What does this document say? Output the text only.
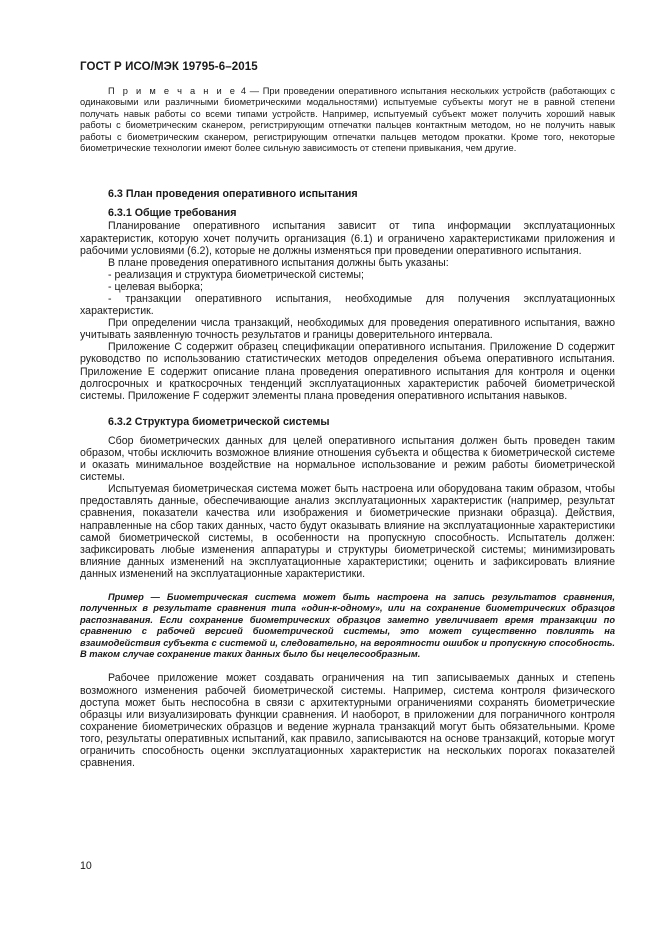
ГОСТ Р ИСО/МЭК 19795-6–2015

П р и м е ч а н и е 4 — При проведении оперативного испытания нескольких устройств (работающих с одинаковыми или различными биометрическими модальностями) испытуемые субъекты могут не в равной степени получать навык работы со всеми типами устройств. Например, испытуемый субъект может получить хороший навык работы с биометрическим сканером, регистрирующим отпечатки пальцев контактным методом, но не получить навык работы с биометрическим сканером, регистрирующим отпечатки пальцев методом прокатки. Кроме того, некоторые биометрические технологии имеют более сильную зависимость от степени привыкания, чем другие.

6.3 План проведения оперативного испытания

6.3.1 Общие требования

Планирование оперативного испытания зависит от типа информации эксплуатационных характеристик, которую хочет получить организация (6.1) и ограничено характеристиками приложения и рабочими условиями (6.2), которые не должны изменяться при проведении оперативного испытания.

В плане проведения оперативного испытания должны быть указаны:

- реализация и структура биометрической системы;

- целевая выборка;

- транзакции оперативного испытания, необходимые для получения эксплуатационных характеристик.

При определении числа транзакций, необходимых для проведения оперативного испытания, важно учитывать заявленную точность результатов и границы доверительного интервала.

Приложение С содержит образец спецификации оперативного испытания. Приложение D содержит руководство по использованию статистических методов определения объема оперативного испытания. Приложение Е содержит описание плана проведения оперативного испытания для контроля и оценки долгосрочных и краткосрочных тенденций эксплуатационных характеристик рабочей биометрической системы. Приложение F содержит элементы плана проведения оперативного испытания навыков.

6.3.2 Структура биометрической системы

Сбор биометрических данных для целей оперативного испытания должен быть проведен таким образом, чтобы исключить возможное влияние отношения субъекта и общества к биометрической системе и оказать минимальное воздействие на нормальное использование и режим работы биометрической системы.

Испытуемая биометрическая система может быть настроена или оборудована таким образом, чтобы предоставлять данные, обеспечивающие анализ эксплуатационных характеристик (например, результат сравнения, показатели качества или изображения и биометрические признаки образца). Действия, направленные на сбор таких данных, часто будут оказывать влияние на эксплуатационные характеристики самой биометрической системы, в особенности на пропускную способность. Испытатель должен: зафиксировать любые изменения аппаратуры и структуры биометрической системы; минимизировать влияние данных изменений на эксплуатационные характеристики; оценить и зафиксировать влияние данных изменений на эксплуатационные характеристики.

Пример — Биометрическая система может быть настроена на запись результатов сравнения, полученных в результате сравнения типа «один-к-одному», или на сохранение биометрических образцов распознавания. Если сохранение биометрических образцов заметно увеличивает время транзакции по сравнению с рабочей версией биометрической системы, это может существенно повлиять на взаимодействия субъекта с системой и, следовательно, на вероятности ошибок и пропускную способность. В таком случае сохранение таких данных было бы нецелесообразным.

Рабочее приложение может создавать ограничения на тип записываемых данных и степень возможного изменения рабочей биометрической системы. Например, система контроля физического доступа может быть неспособна в связи с архитектурными ограничениями сохранять биометрические образцы или визуализировать функции сравнения. И наоборот, в приложении для пограничного контроля сохранение биометрических образцов и ведение журнала транзакций могут быть обязательными. Кроме того, результаты оперативных испытаний, как правило, записываются на основе транзакций, которые могут ограничить способность оценки эксплуатационных характеристик на нескольких порогах показателей сравнения.

10
